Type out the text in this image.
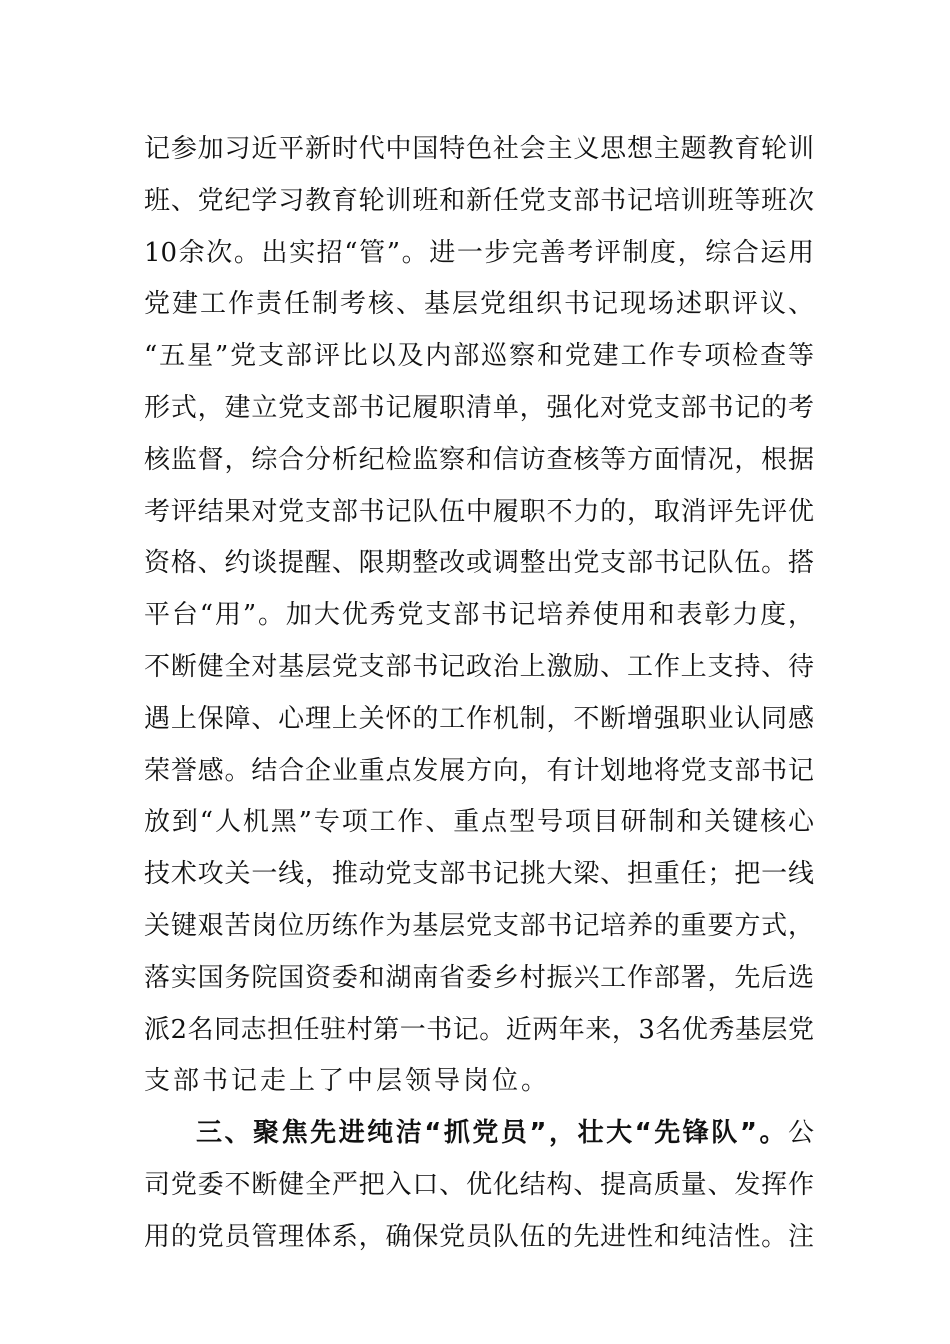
记参加习近平新时代中国特色社会主义思想主题教育轮训
班、党纪学习教育轮训班和新任党支部书记培训班等班次
10余次。出实招“管”。进一步完善考评制度，综合运用
党建工作责任制考核、基层党组织书记现场述职评议、
“五星”党支部评比以及内部巡察和党建工作专项检查等
形式，建立党支部书记履职清单，强化对党支部书记的考
核监督，综合分析纪检监察和信访查核等方面情况，根据
考评结果对党支部书记队伍中履职不力的，取消评先评优
资格、约谈提醒、限期整改或调整出党支部书记队伍。搭
平台“用”。加大优秀党支部书记培养使用和表彰力度，
不断健全对基层党支部书记政治上激励、工作上支持、待
遇上保障、心理上关怀的工作机制，不断增强职业认同感
荣誉感。结合企业重点发展方向，有计划地将党支部书记
放到“人机黑”专项工作、重点型号项目研制和关键核心
技术攻关一线，推动党支部书记挑大梁、担重任；把一线
关键艰苦岗位历练作为基层党支部书记培养的重要方式，
落实国务院国资委和湖南省委乡村振兴工作部署，先后选
派2名同志担任驻村第一书记。近两年来，3名优秀基层党
支部书记走上了中层领导岗位。
三、聚焦先进纯洁“抓党员”，壮大“先锋队”。公
司党委不断健全严把入口、优化结构、提高质量、发挥作
用的党员管理体系，确保党员队伍的先进性和纯洁性。注
